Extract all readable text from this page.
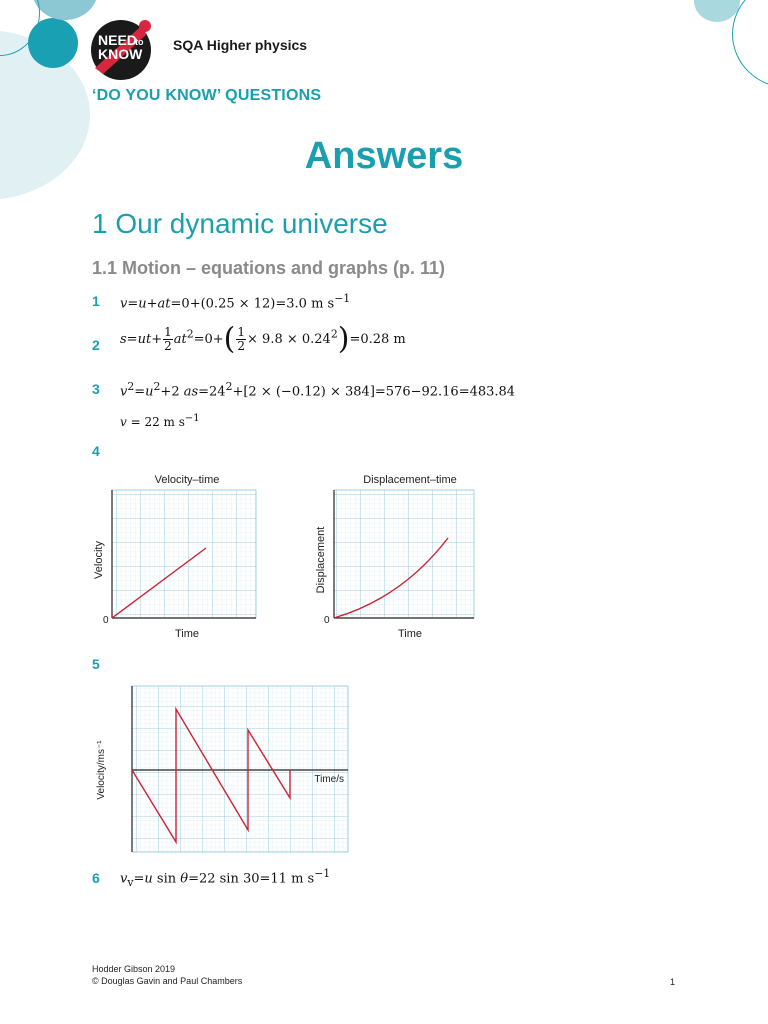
NEED
to
KNOW
SQA Higher physics
‘DO YOU KNOW’ QUESTIONS
Answers
1 Our dynamic universe
1.1 Motion – equations and graphs (p. 11)
1 v=u+at=0+(0.25 × 12)=3.0 m $s^{-1}$
2 $s=ut+ \frac{1}{2} at^2=0+( \frac{1}{2} \times 9.8 \times 0.24^2)=0.28$ m
3 $v^2=u^2+2$ $as=24^2+[2 \times (-0.12) \times 384]=576-92.16=483.84$
v = 22 m $s^{-1}$
4
Velocity–time
Time
0
Velocity
Displacement–time
Time
0
Displacement
5
Time/s
Velocity/ms⁻¹
6 $v_v=u$ sin θ=22 sin 30=11 m $s^{-1}$
Hodder Gibson 2019
© Douglas Gavin and Paul Chambers	1
